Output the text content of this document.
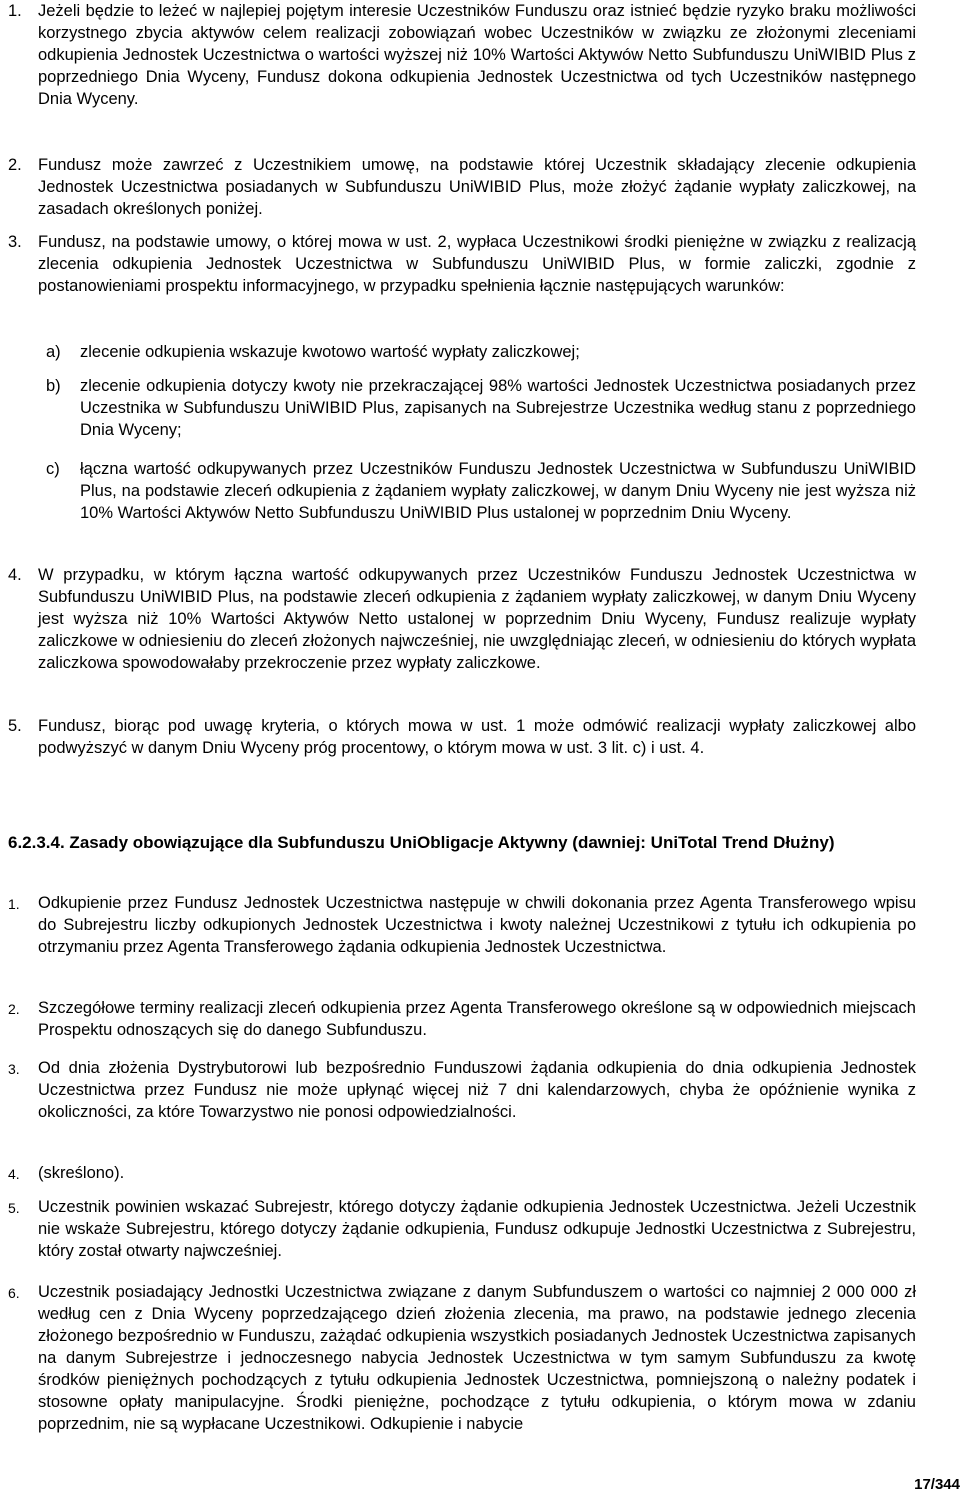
1. Jeżeli będzie to leżeć w najlepiej pojętym interesie Uczestników Funduszu oraz istnieć będzie ryzyko braku możliwości korzystnego zbycia aktywów celem realizacji zobowiązań wobec Uczestników w związku ze złożonymi zleceniami odkupienia Jednostek Uczestnictwa o wartości wyższej niż 10% Wartości Aktywów Netto Subfunduszu UniWIBID Plus z poprzedniego Dnia Wyceny, Fundusz dokona odkupienia Jednostek Uczestnictwa od tych Uczestników następnego Dnia Wyceny.
2. Fundusz może zawrzeć z Uczestnikiem umowę, na podstawie której Uczestnik składający zlecenie odkupienia Jednostek Uczestnictwa posiadanych w Subfunduszu UniWIBID Plus, może złożyć żądanie wypłaty zaliczkowej, na zasadach określonych poniżej.
3. Fundusz, na podstawie umowy, o której mowa w ust. 2, wypłaca Uczestnikowi środki pieniężne w związku z realizacją zlecenia odkupienia Jednostek Uczestnictwa w Subfunduszu UniWIBID Plus, w formie zaliczki, zgodnie z postanowieniami prospektu informacyjnego, w przypadku spełnienia łącznie następujących warunków:
a) zlecenie odkupienia wskazuje kwotowo wartość wypłaty zaliczkowej;
b) zlecenie odkupienia dotyczy kwoty nie przekraczającej 98% wartości Jednostek Uczestnictwa posiadanych przez Uczestnika w Subfunduszu UniWIBID Plus, zapisanych na Subrejestrze Uczestnika według stanu z poprzedniego Dnia Wyceny;
c) łączna wartość odkupywanych przez Uczestników Funduszu Jednostek Uczestnictwa w Subfunduszu UniWIBID Plus, na podstawie zleceń odkupienia z żądaniem wypłaty zaliczkowej, w danym Dniu Wyceny nie jest wyższa niż 10% Wartości Aktywów Netto Subfunduszu UniWIBID Plus ustalonej w poprzednim Dniu Wyceny.
4. W przypadku, w którym łączna wartość odkupywanych przez Uczestników Funduszu Jednostek Uczestnictwa w Subfunduszu UniWIBID Plus, na podstawie zleceń odkupienia z żądaniem wypłaty zaliczkowej, w danym Dniu Wyceny jest wyższa niż 10% Wartości Aktywów Netto ustalonej w poprzednim Dniu Wyceny, Fundusz realizuje wypłaty zaliczkowe w odniesieniu do zleceń złożonych najwcześniej, nie uwzględniając zleceń, w odniesieniu do których wypłata zaliczkowa spowodowałaby przekroczenie przez wypłaty zaliczkowe.
5. Fundusz, biorąc pod uwagę kryteria, o których mowa w ust. 1 może odmówić realizacji wypłaty zaliczkowej albo podwyższyć w danym Dniu Wyceny próg procentowy, o którym mowa w ust. 3 lit. c) i ust. 4.
6.2.3.4. Zasady obowiązujące dla Subfunduszu UniObligacje Aktywny (dawniej: UniTotal Trend Dłużny)
1. Odkupienie przez Fundusz Jednostek Uczestnictwa następuje w chwili dokonania przez Agenta Transferowego wpisu do Subrejestru liczby odkupionych Jednostek Uczestnictwa i kwoty należnej Uczestnikowi z tytułu ich odkupienia po otrzymaniu przez Agenta Transferowego żądania odkupienia Jednostek Uczestnictwa.
2. Szczegółowe terminy realizacji zleceń odkupienia przez Agenta Transferowego określone są w odpowiednich miejscach Prospektu odnoszących się do danego Subfunduszu.
3. Od dnia złożenia Dystrybutorowi lub bezpośrednio Funduszowi żądania odkupienia do dnia odkupienia Jednostek Uczestnictwa przez Fundusz nie może upłynąć więcej niż 7 dni kalendarzowych, chyba że opóźnienie wynika z okoliczności, za które Towarzystwo nie ponosi odpowiedzialności.
4. (skreślono).
5. Uczestnik powinien wskazać Subrejestr, którego dotyczy żądanie odkupienia Jednostek Uczestnictwa. Jeżeli Uczestnik nie wskaże Subrejestru, którego dotyczy żądanie odkupienia, Fundusz odkupuje Jednostki Uczestnictwa z Subrejestru, który został otwarty najwcześniej.
6. Uczestnik posiadający Jednostki Uczestnictwa związane z danym Subfunduszem o wartości co najmniej 2 000 000 zł według cen z Dnia Wyceny poprzedzającego dzień złożenia zlecenia, ma prawo, na podstawie jednego zlecenia złożonego bezpośrednio w Funduszu, zażądać odkupienia wszystkich posiadanych Jednostek Uczestnictwa zapisanych na danym Subrejestrze i jednoczesnego nabycia Jednostek Uczestnictwa w tym samym Subfunduszu za kwotę środków pieniężnych pochodzących z tytułu odkupienia Jednostek Uczestnictwa, pomniejszoną o należny podatek i stosowne opłaty manipulacyjne. Środki pieniężne, pochodzące z tytułu odkupienia, o którym mowa w zdaniu poprzednim, nie są wypłacane Uczestnikowi. Odkupienie i nabycie
17/344
